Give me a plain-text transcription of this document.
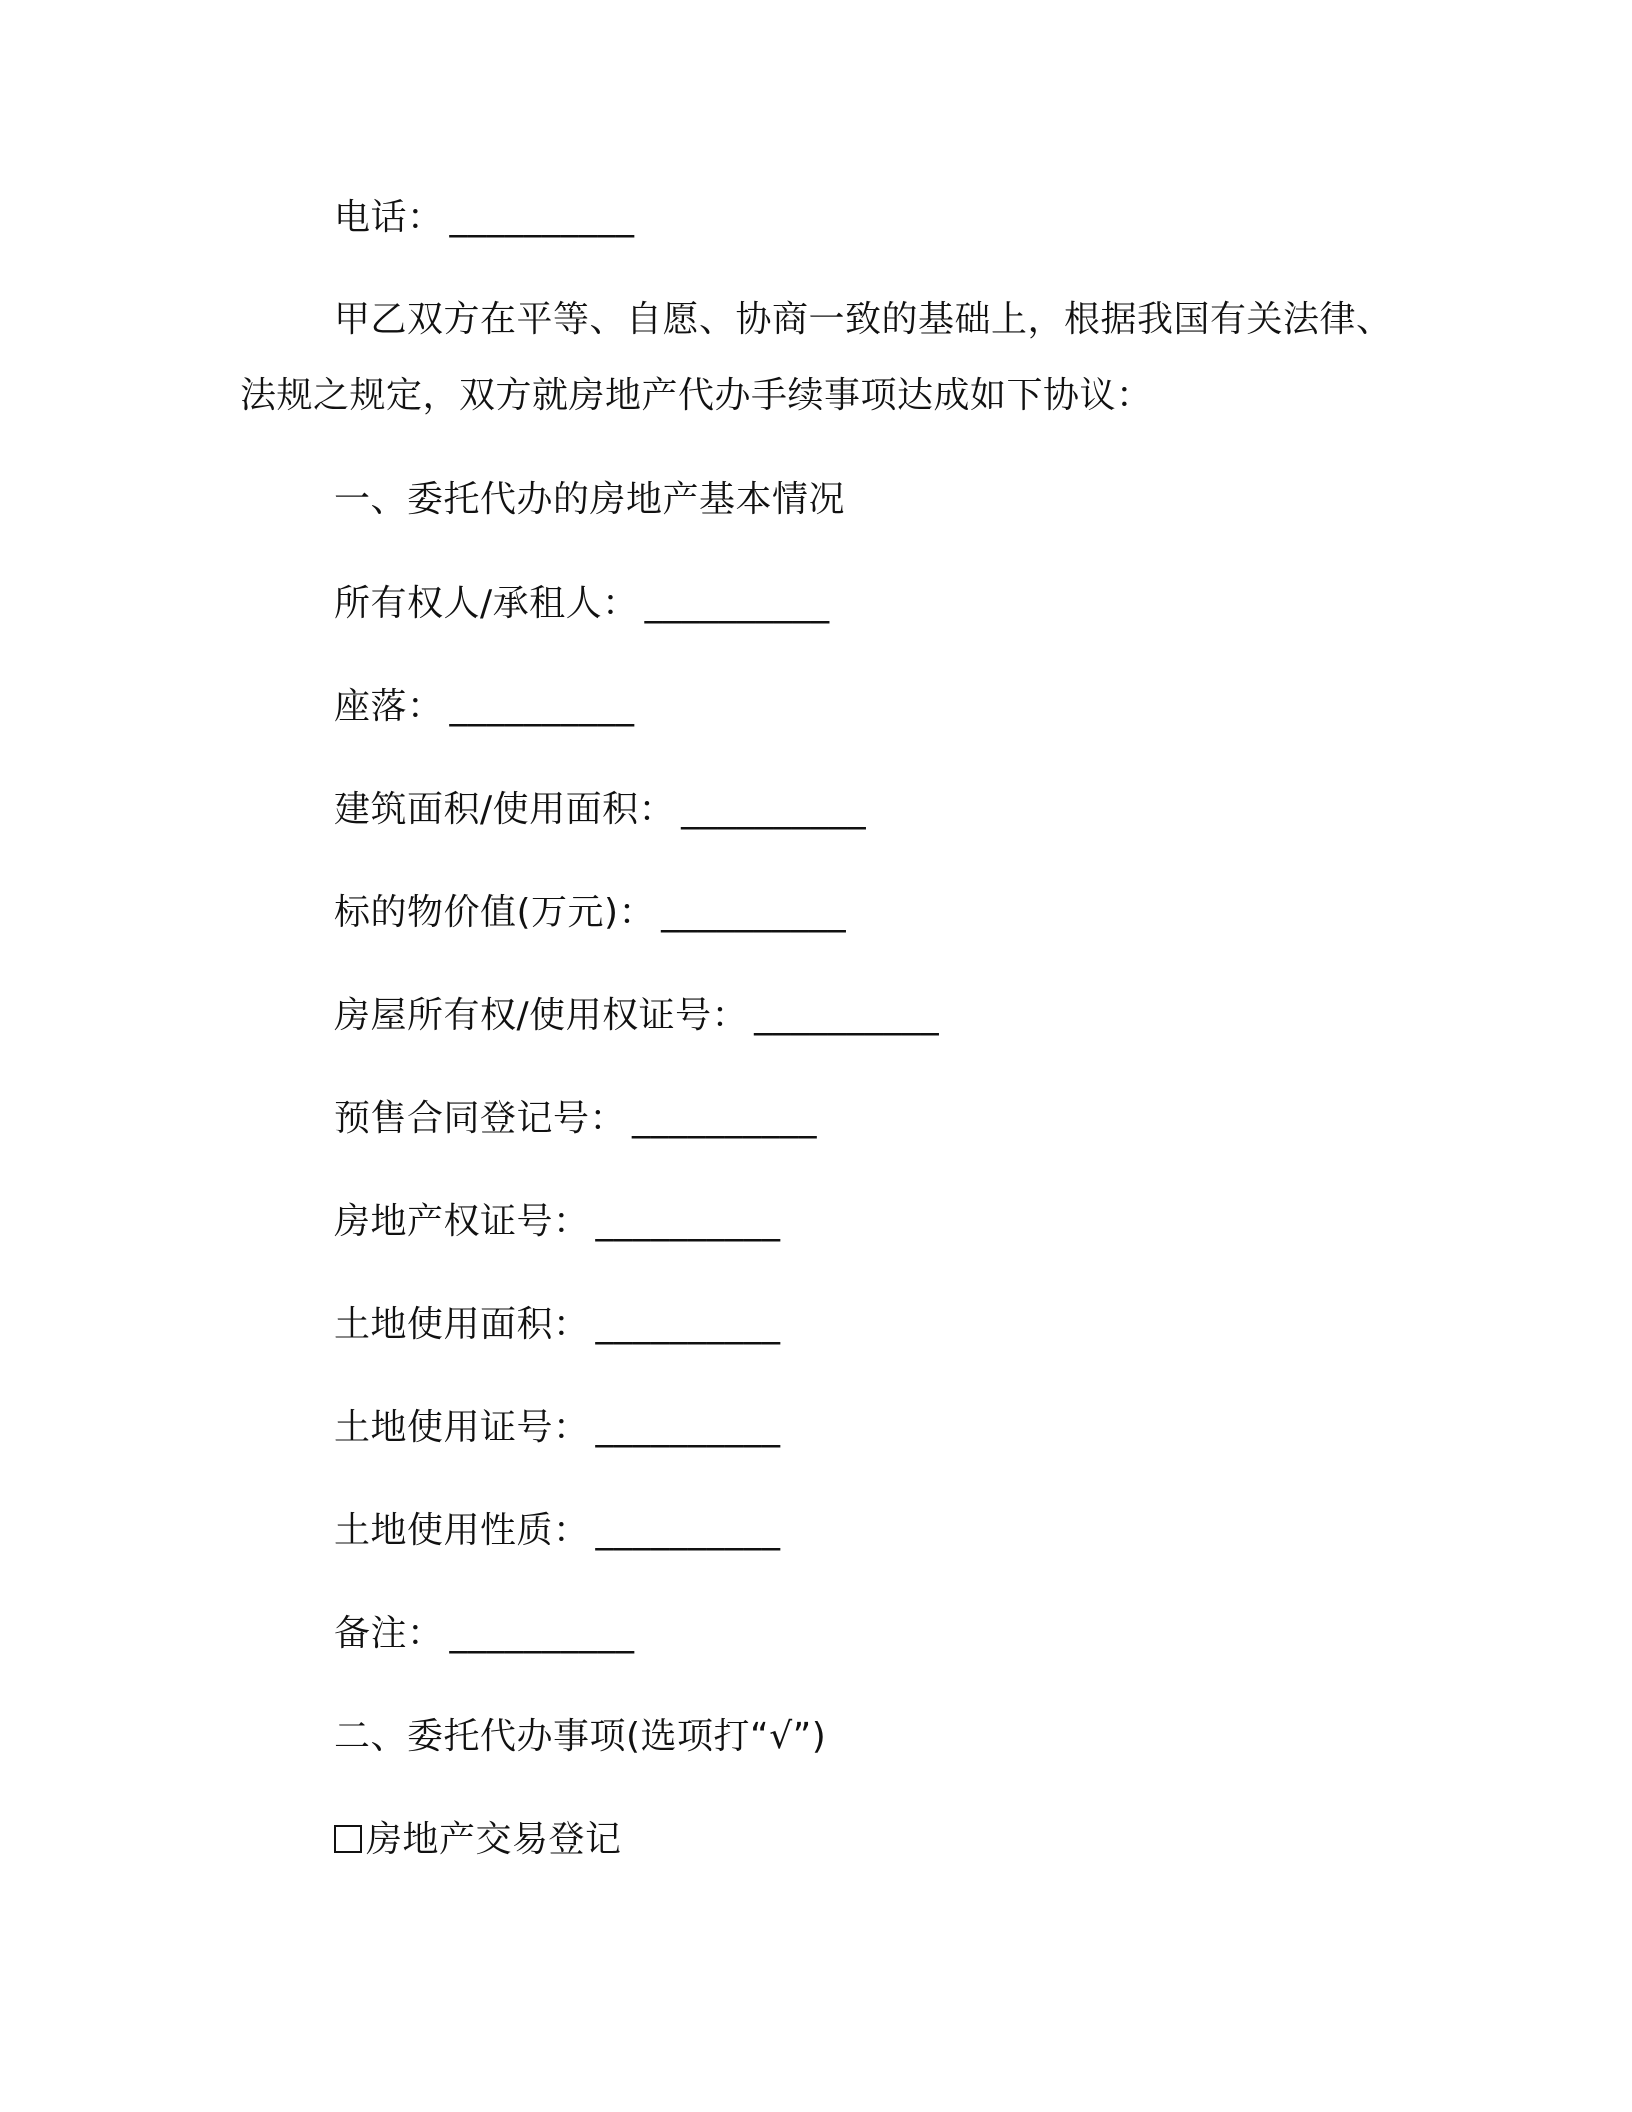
电话： __________
甲乙双方在平等、自愿、协商一致的基础上，根据我国有关法律、
法规之规定，双方就房地产代办手续事项达成如下协议：
一、委托代办的房地产基本情况
所有权人/承租人： __________
座落： __________
建筑面积/使用面积： __________
标的物价值(万元)： __________
房屋所有权/使用权证号： __________
预售合同登记号： __________
房地产权证号： __________
土地使用面积： __________
土地使用证号： __________
土地使用性质： __________
备注： __________
二、委托代办事项(选项打“√”)
房地产交易登记
